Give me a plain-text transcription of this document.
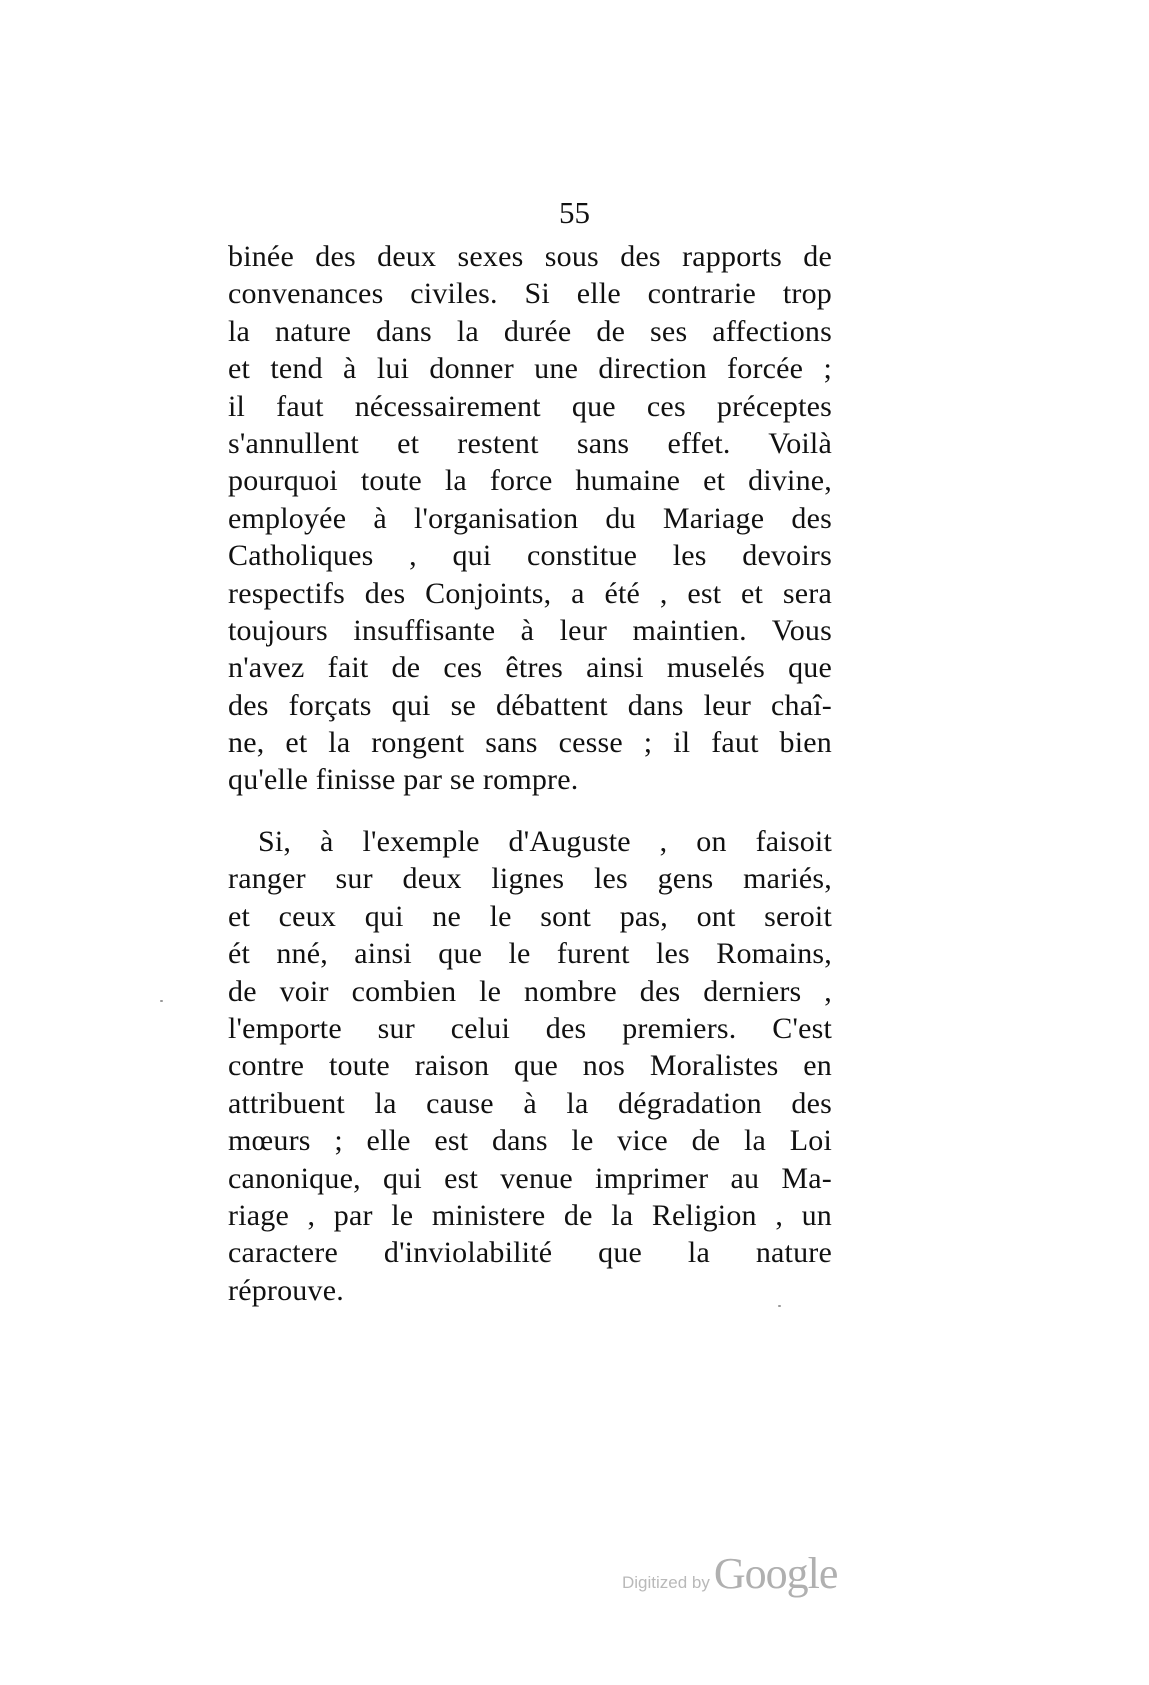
55
binée des deux sexes sous des rapports de
convenances civiles. Si elle contrarie trop
la nature dans la durée de ses affections
et tend à lui donner une direction forcée ;
il faut nécessairement que ces préceptes
s'annullent et restent sans effet. Voilà
pourquoi toute la force humaine et divine,
employée à l'organisation du Mariage des
Catholiques , qui constitue les devoirs
respectifs des Conjoints, a été , est et sera
toujours insuffisante à leur maintien. Vous
n'avez fait de ces êtres ainsi muselés que
des forçats qui se débattent dans leur chaî-
ne, et la rongent sans cesse ; il faut bien
qu'elle finisse par se rompre.
Si, à l'exemple d'Auguste , on faisoit
ranger sur deux lignes les gens mariés,
et ceux qui ne le sont pas, ont seroit
ét nné, ainsi que le furent les Romains,
de voir combien le nombre des derniers ,
l'emporte sur celui des premiers. C'est
contre toute raison que nos Moralistes en
attribuent la cause à la dégradation des
mœurs ; elle est dans le vice de la Loi
canonique, qui est venue imprimer au Ma-
riage , par le ministere de la Religion , un
caractere d'inviolabilité que la nature
réprouve.
Digitized by Google
